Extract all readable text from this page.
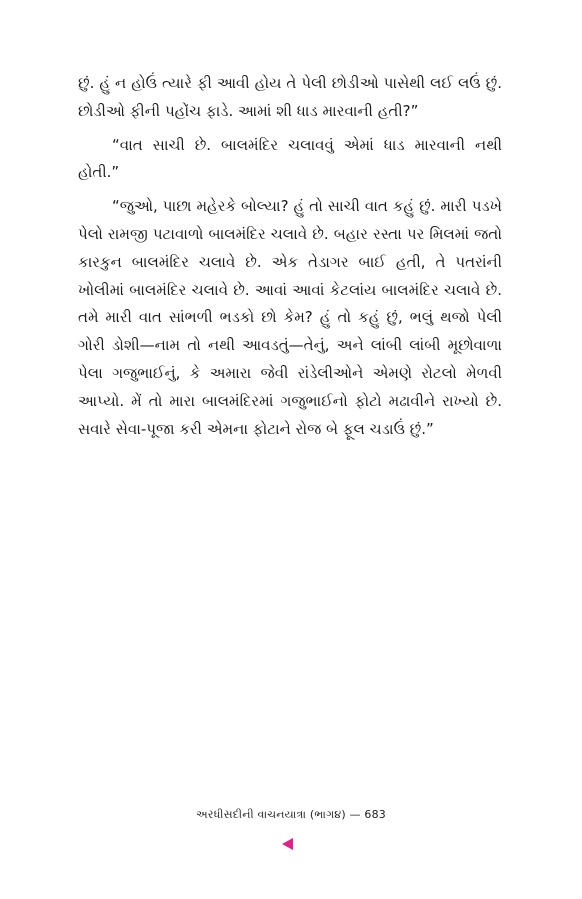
છું. હું ન હોઉં ત્યારે ફી આવી હોય તે પેલી છોડીઓ પાસેથી લઈ લઉં છું. છોડીઓ ફીની પહોંચ ફાડે. આમાં શી ધાડ મારવાની હતી?”

“વાત સાચી છે. બાલમંદિર ચલાવવું એમાં ધાડ મારવાની નથી હોતી.”

“જુઓ, પાછા મહેરકે બોલ્યા? હું તો સાચી વાત કહું છું. મારી પડખે પેલો રામજી પટાવાળો બાલમંદિર ચલાવે છે. બહાર રસ્તા પર મિલમાં જતો કારકુન બાલમંદિર ચલાવે છે. એક તેડાગર બાઈ હતી, તે પતરાંની ખોલીમાં બાલમંદિર ચલાવે છે. આવાં આવાં કેટલાંય બાલમંદિર ચલાવે છે. તમે મારી વાત સાંભળી ભડકો છો કેમ? હું તો કહું છું, ભલું થજો પેલી ગોરી ડોશી—નામ તો નથી આવડતું—તેનું, અને લાંબી લાંબી મૂછોવાળા પેલા ગજુભાઈનું, કે અમારા જેવી રાંડેલીઓને એમણે રોટલો મેળવી આપ્યો. મેં તો મારા બાલમંદિરમાં ગજુભાઈનો ફોટો મઢાવીને રાખ્યો છે. સવારે સેવા-પૂજા કરી એમના ફોટાને રોજ બે ફૂલ ચડાઉં છું.”

અરધીસદીની વાચનયાત્રા (ભાગ૪) — 683
